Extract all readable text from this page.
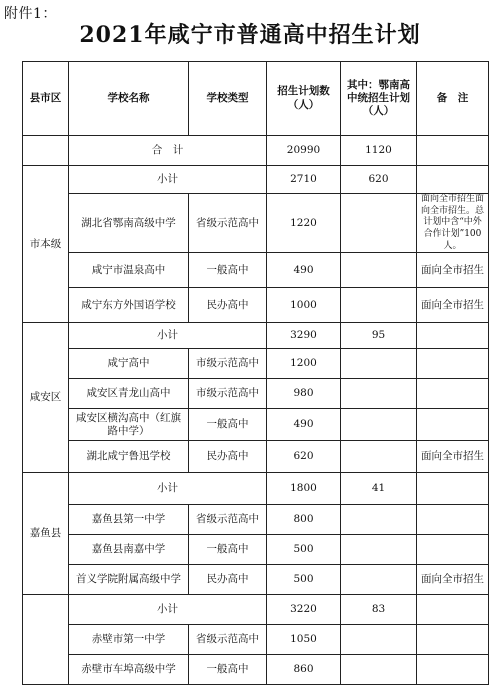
附件1：
2021年咸宁市普通高中招生计划
县市区	学校名称	学校类型	招生计划数（人）	其中：鄂南高中统招生计划（人）	备　注
	合　计		20990	1120	
市本级	小计		2710	620	
	湖北省鄂南高级中学	省级示范高中	1220		面向全市招生面向全市招生。总计划中含“中外合作计划”100人。
	咸宁市温泉高中	一般高中	490		面向全市招生
	咸宁东方外国语学校	民办高中	1000		面向全市招生
咸安区	小计		3290	95	
	咸宁高中	市级示范高中	1200		
	咸安区青龙山高中	市级示范高中	980		
	咸安区横沟高中（红旗路中学）	一般高中	490		
	湖北咸宁鲁迅学校	民办高中	620		面向全市招生
嘉鱼县	小计		1800	41	
	嘉鱼县第一中学	省级示范高中	800		
	嘉鱼县南嘉中学	一般高中	500		
	首义学院附属高级中学	民办高中	500		面向全市招生
	小计		3220	83	
	赤壁市第一中学	省级示范高中	1050		
	赤壁市车埠高级中学	一般高中	860		
